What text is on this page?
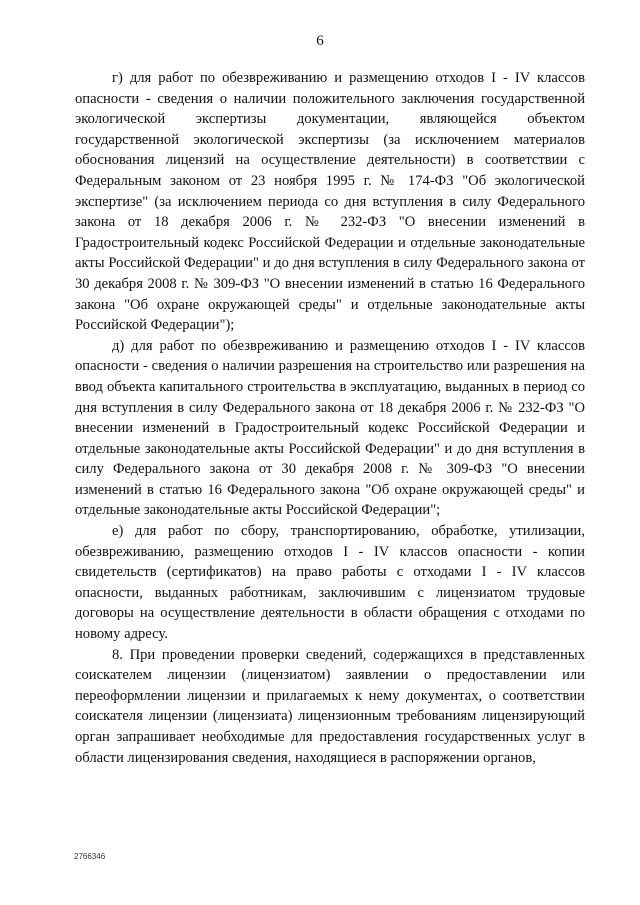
6

г) для работ по обезвреживанию и размещению отходов I - IV классов опасности - сведения о наличии положительного заключения государственной экологической экспертизы документации, являющейся объектом государственной экологической экспертизы (за исключением материалов обоснования лицензий на осуществление деятельности) в соответствии с Федеральным законом от 23 ноября 1995 г. № 174-ФЗ "Об экологической экспертизе" (за исключением периода со дня вступления в силу Федерального закона от 18 декабря 2006 г. № 232-ФЗ "О внесении изменений в Градостроительный кодекс Российской Федерации и отдельные законодательные акты Российской Федерации" и до дня вступления в силу Федерального закона от 30 декабря 2008 г. № 309-ФЗ "О внесении изменений в статью 16 Федерального закона "Об охране окружающей среды" и отдельные законодательные акты Российской Федерации");

д) для работ по обезвреживанию и размещению отходов I - IV классов опасности - сведения о наличии разрешения на строительство или разрешения на ввод объекта капитального строительства в эксплуатацию, выданных в период со дня вступления в силу Федерального закона от 18 декабря 2006 г. № 232-ФЗ "О внесении изменений в Градостроительный кодекс Российской Федерации и отдельные законодательные акты Российской Федерации" и до дня вступления в силу Федерального закона от 30 декабря 2008 г. № 309-ФЗ "О внесении изменений в статью 16 Федерального закона "Об охране окружающей среды" и отдельные законодательные акты Российской Федерации";

е) для работ по сбору, транспортированию, обработке, утилизации, обезвреживанию, размещению отходов I - IV классов опасности - копии свидетельств (сертификатов) на право работы с отходами I - IV классов опасности, выданных работникам, заключившим с лицензиатом трудовые договоры на осуществление деятельности в области обращения с отходами по новому адресу.

8. При проведении проверки сведений, содержащихся в представленных соискателем лицензии (лицензиатом) заявлении о предоставлении или переоформлении лицензии и прилагаемых к нему документах, о соответствии соискателя лицензии (лицензиата) лицензионным требованиям лицензирующий орган запрашивает необходимые для предоставления государственных услуг в области лицензирования сведения, находящиеся в распоряжении органов,

2766346
